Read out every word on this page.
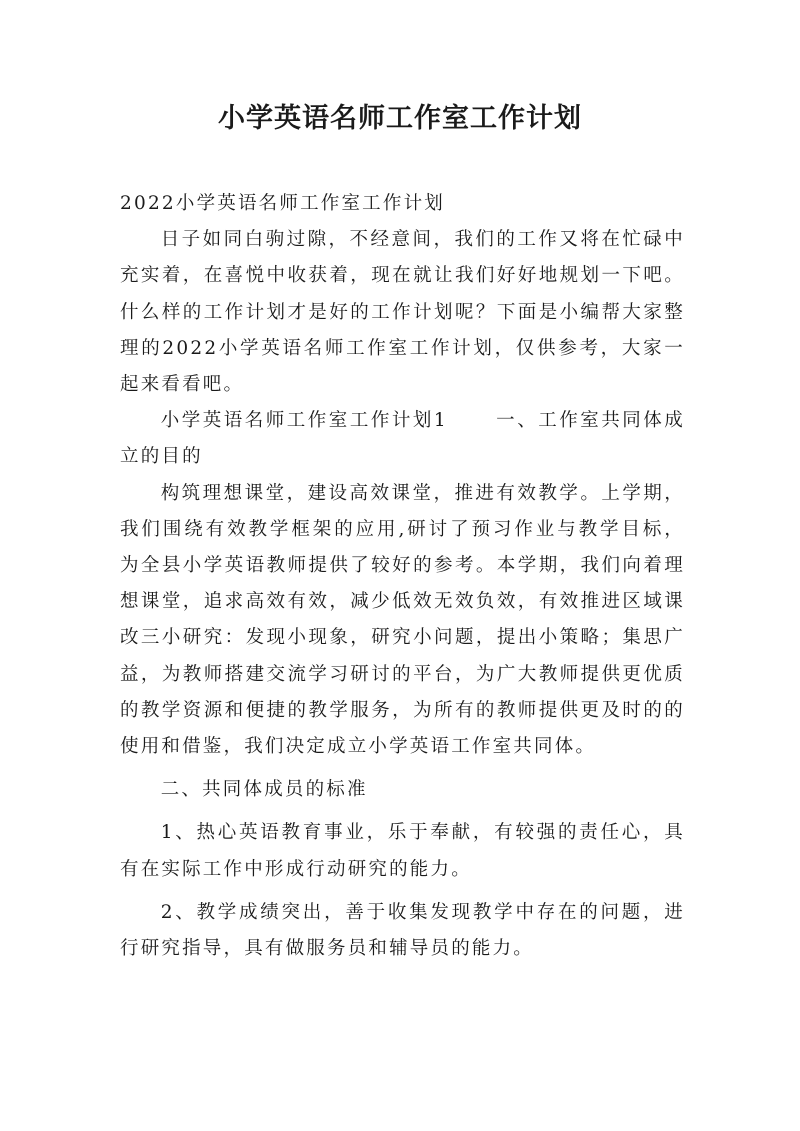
小学英语名师工作室工作计划

2022小学英语名师工作室工作计划

日子如同白驹过隙，不经意间，我们的工作又将在忙碌中充实着，在喜悦中收获着，现在就让我们好好地规划一下吧。什么样的工作计划才是好的工作计划呢？下面是小编帮大家整理的2022小学英语名师工作室工作计划，仅供参考，大家一起来看看吧。

小学英语名师工作室工作计划1	一、工作室共同体成立的目的

构筑理想课堂，建设高效课堂，推进有效教学。上学期，我们围绕有效教学框架的应用,研讨了预习作业与教学目标，为全县小学英语教师提供了较好的参考。本学期，我们向着理想课堂，追求高效有效，减少低效无效负效，有效推进区域课改三小研究：发现小现象，研究小问题，提出小策略；集思广益，为教师搭建交流学习研讨的平台，为广大教师提供更优质的教学资源和便捷的教学服务，为所有的教师提供更及时的的使用和借鉴，我们决定成立小学英语工作室共同体。

二、共同体成员的标准

1、热心英语教育事业，乐于奉献，有较强的责任心，具有在实际工作中形成行动研究的能力。

2、教学成绩突出，善于收集发现教学中存在的问题，进行研究指导，具有做服务员和辅导员的能力。
